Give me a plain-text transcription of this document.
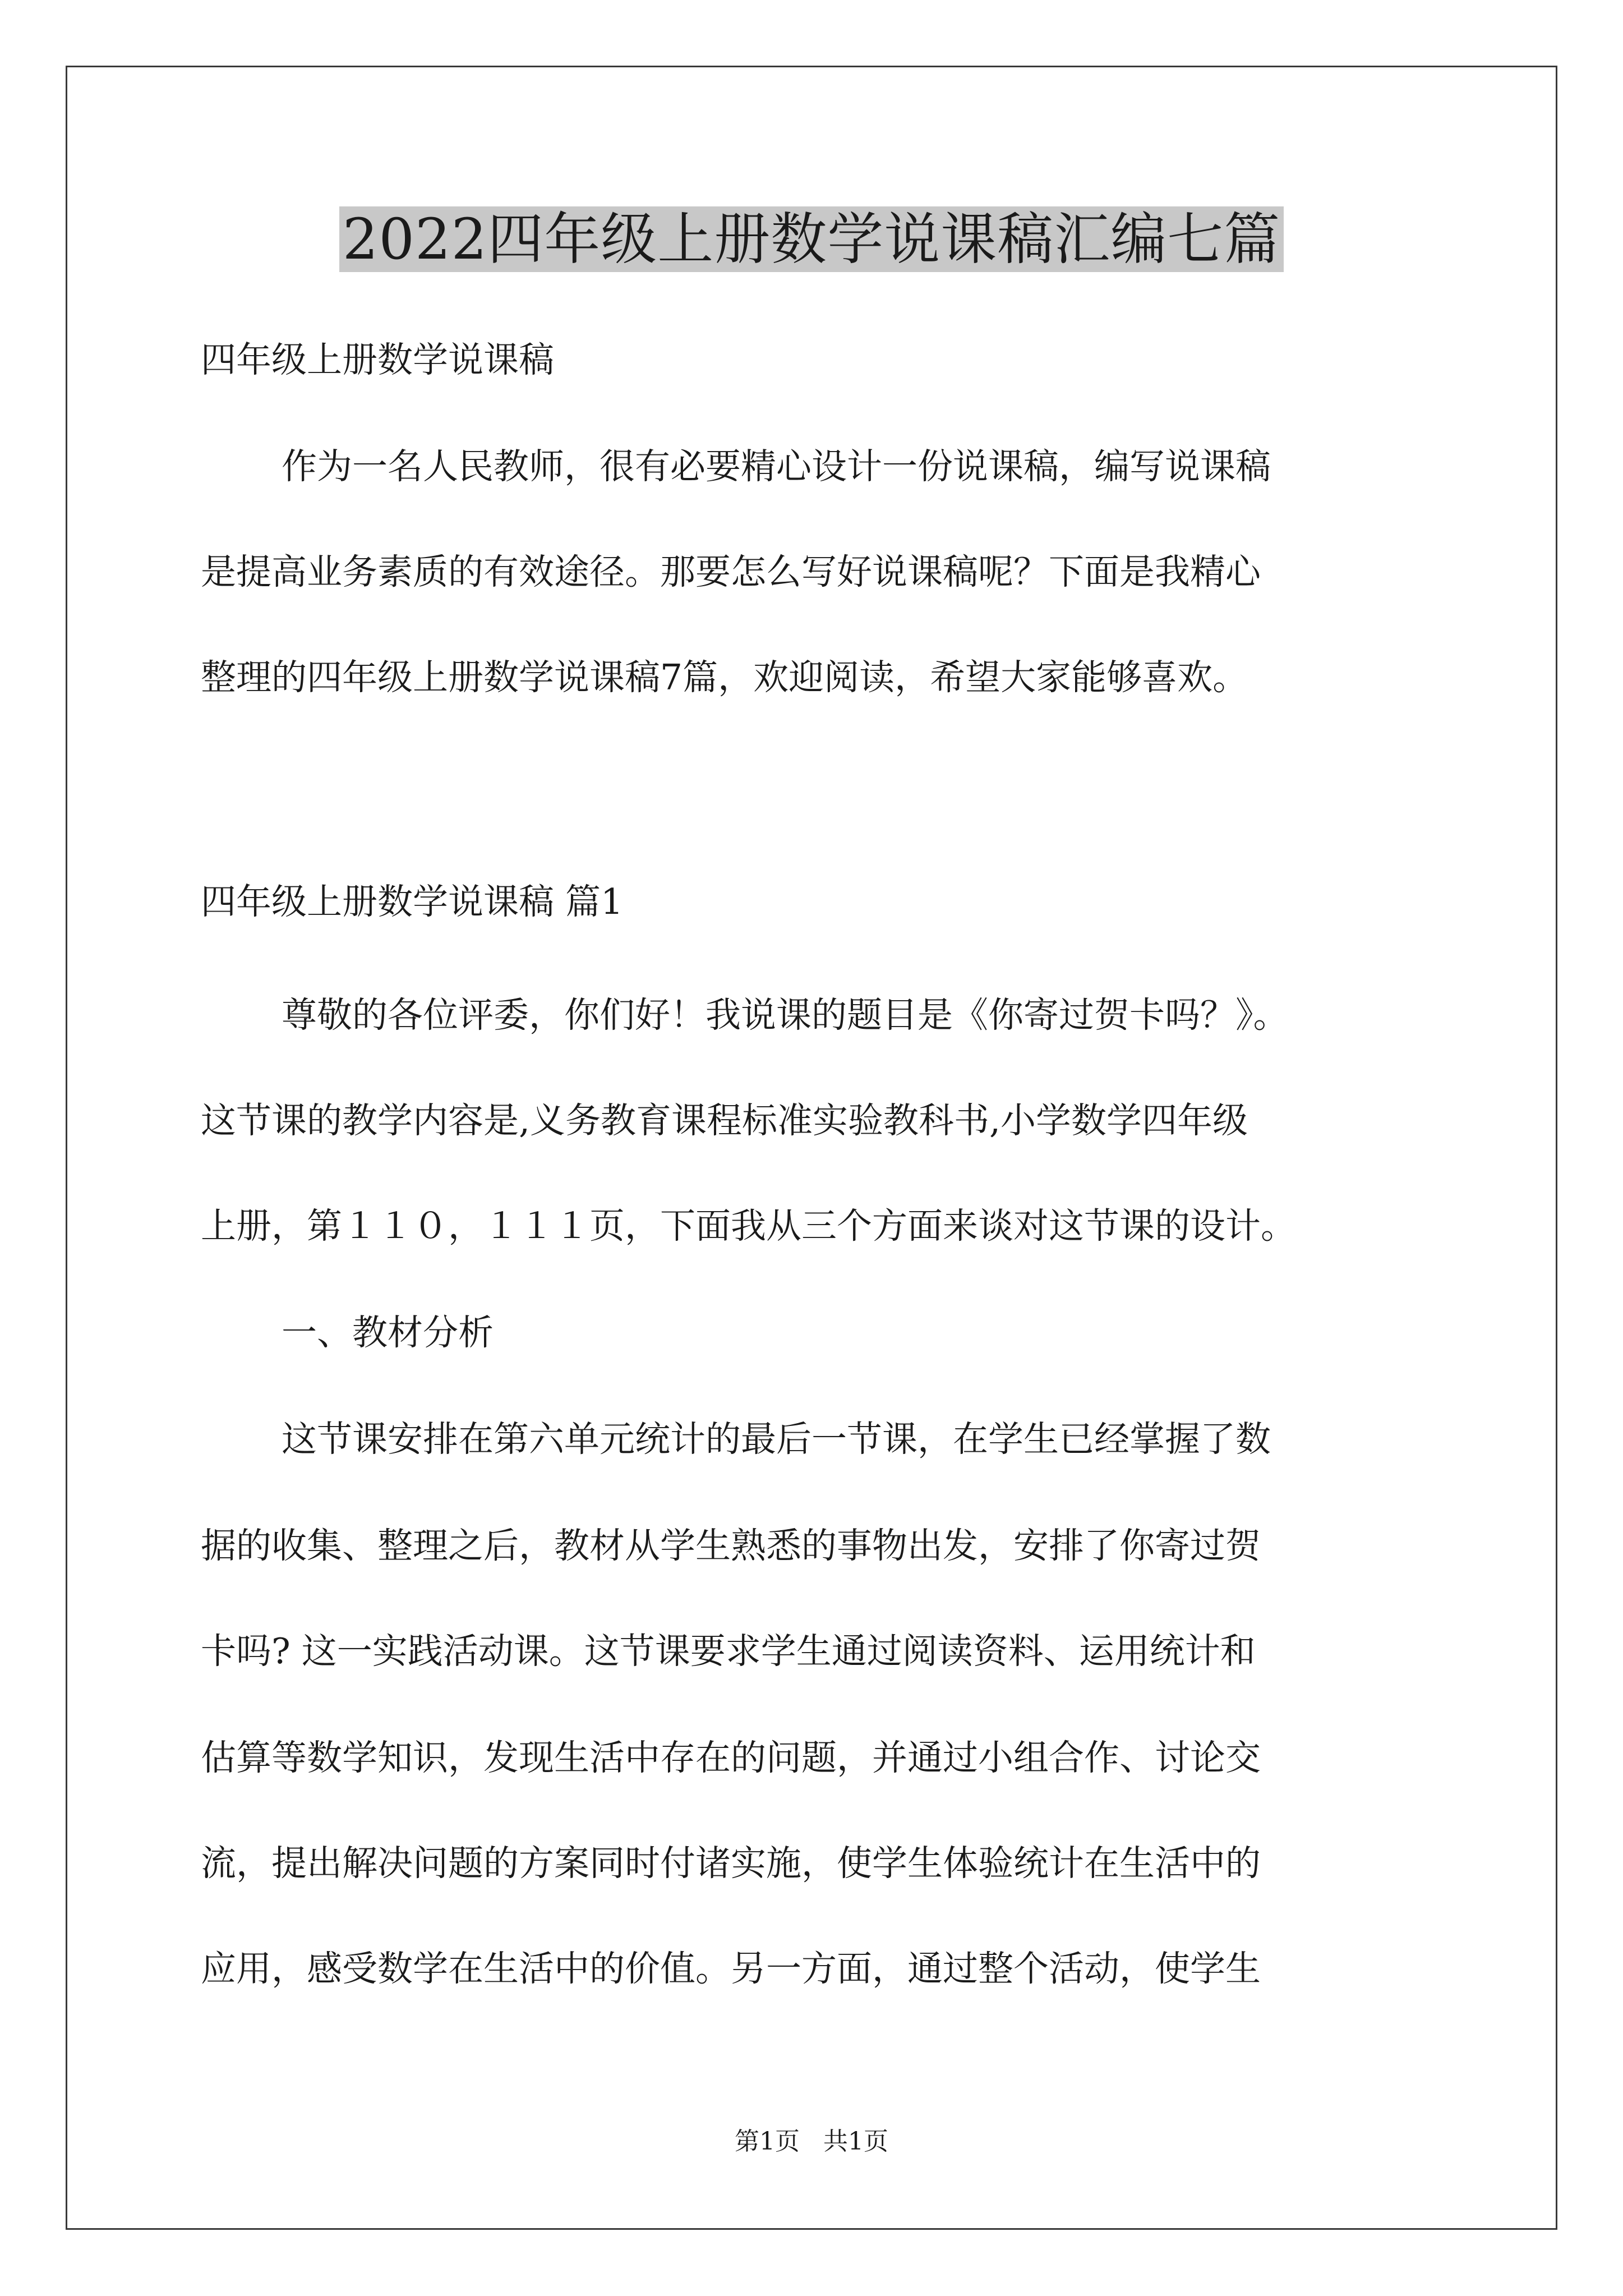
2022四年级上册数学说课稿汇编七篇

四年级上册数学说课稿

作为一名人民教师，很有必要精心设计一份说课稿，编写说课稿

是提高业务素质的有效途径。那要怎么写好说课稿呢？下面是我精心

整理的四年级上册数学说课稿7篇，欢迎阅读，希望大家能够喜欢。

四年级上册数学说课稿 篇1

尊敬的各位评委，你们好！我说课的题目是《你寄过贺卡吗？》。

这节课的教学内容是,义务教育课程标准实验教科书,小学数学四年级

上册，第１１０，１１１页，下面我从三个方面来谈对这节课的设计。

一、教材分析

这节课安排在第六单元统计的最后一节课，在学生已经掌握了数

据的收集、整理之后，教材从学生熟悉的事物出发，安排了你寄过贺

卡吗? 这一实践活动课。这节课要求学生通过阅读资料、运用统计和

估算等数学知识，发现生活中存在的问题，并通过小组合作、讨论交

流，提出解决问题的方案同时付诸实施，使学生体验统计在生活中的

应用，感受数学在生活中的价值。另一方面，通过整个活动，使学生

第1页   共1页
